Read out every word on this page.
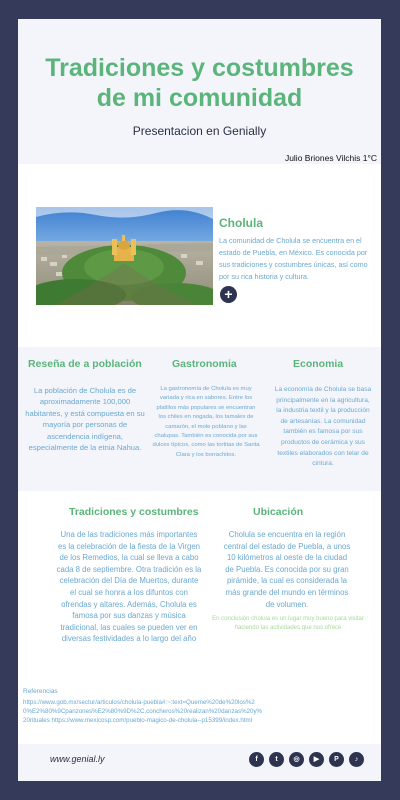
Tradiciones y costumbres
de mi comunidad
Presentacion en Genially
Julio Briones Vilchis 1°C
Cholula
La comunidad de Cholula se encuentra en el estado de Puebla, en México. Es conocida por sus tradiciones y costumbres únicas, así como por su rica historia y cultura.
+
Reseña de a población
La población de Cholula es de aproximadamente 100,000 habitantes, y está compuesta en su mayoría por personas de ascendencia indígena, especialmente de la etnia Nahua.
Gastronomia
La gastronomía de Cholula es muy variada y rica en sabores. Entre los platillos más populares se encuentran los chiles en nogada, los tamales de camarón, el mole poblano y las chalupas. También es conocida por sus dulces típicos, como las tortitas de Santa Clara y los borrachitos.
Economia
La economía de Cholula se basa principalmente en la agricultura, la industria textil y la producción de artesanías. La comunidad también es famosa por sus productos de cerámica y sus textiles elaborados con telar de cintura.
Tradiciones y costumbres
Una de las tradiciones más importantes es la celebración de la fiesta de la Virgen de los Remedios, la cual se lleva a cabo cada 8 de septiembre. Otra tradición es la celebración del Día de Muertos, durante el cual se honra a los difuntos con ofrendas y altares. Además, Cholula es famosa por sus danzas y música tradicional, las cuales se pueden ver en diversas festividades a lo largo del año
Ubicación
Cholula se encuentra en la región central del estado de Puebla, a unos 10 kilómetros al oeste de la ciudad de Puebla. Es conocida por su gran pirámide, la cual es considerada la más grande del mundo en términos de volumen.
En conclusión cholula es un lugar muy bueno para visitar haciendo las actividades que nos ofrece
Referencias
https://www.gob.mx/sectur/articulos/cholula-puebla#:~:text=Queme%20de%20los%20%E2%80%9Cpanzones%E2%80%9D%2C,concheros%20realizan%20danzas%20y%20rituales https://www.mexicosp.com/pueblo-magico-de-cholula--p15399/index.html
www.genial.ly	f	t	◎	▶	P	♪
